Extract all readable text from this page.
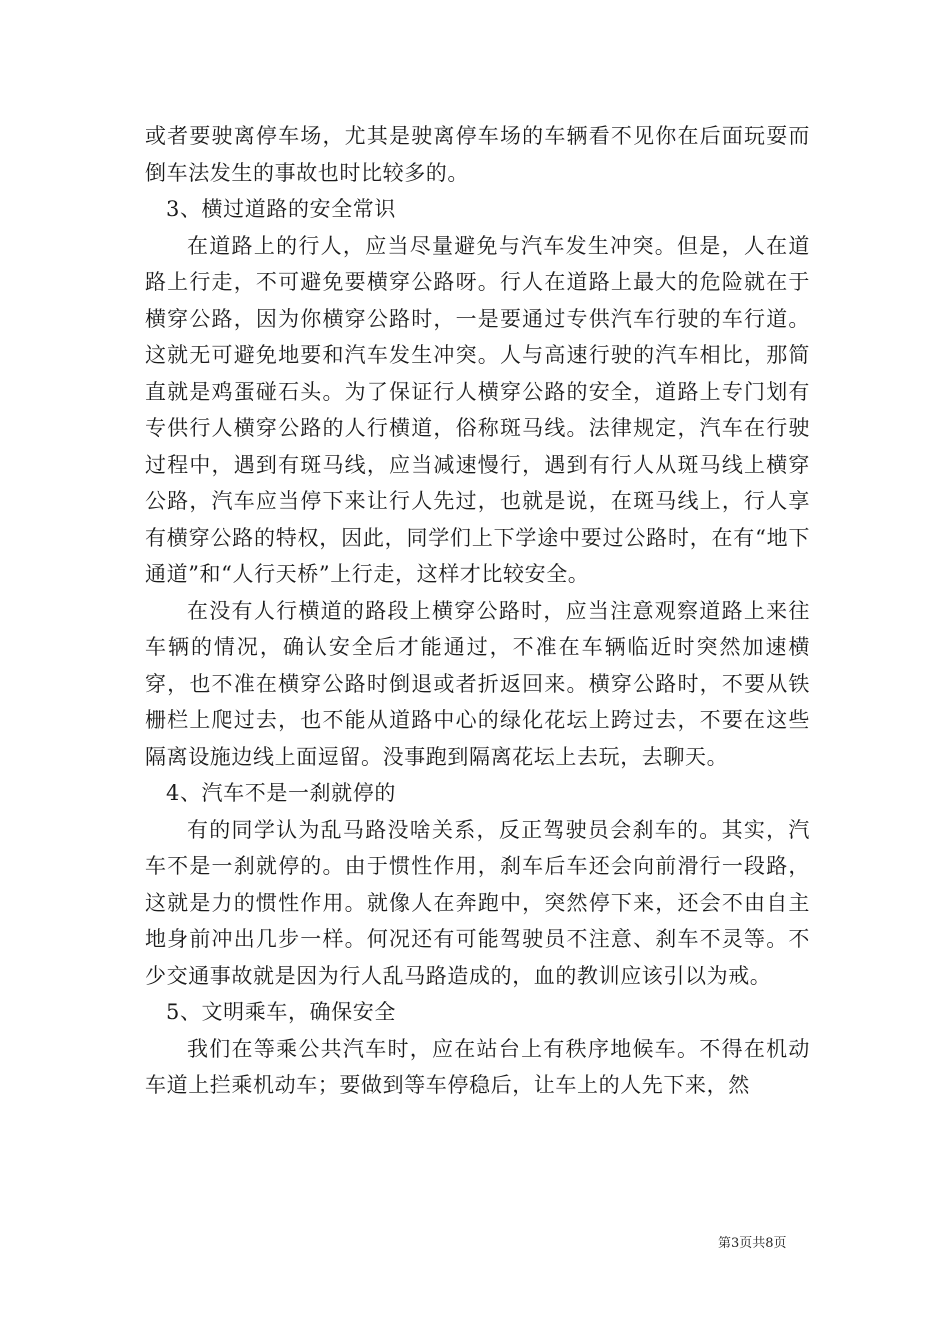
或者要驶离停车场，尤其是驶离停车场的车辆看不见你在后面玩耍而倒车法发生的事故也时比较多的。

3、横过道路的安全常识

在道路上的行人，应当尽量避免与汽车发生冲突。但是，人在道路上行走，不可避免要横穿公路呀。行人在道路上最大的危险就在于横穿公路，因为你横穿公路时，一是要通过专供汽车行驶的车行道。这就无可避免地要和汽车发生冲突。人与高速行驶的汽车相比，那简直就是鸡蛋碰石头。为了保证行人横穿公路的安全，道路上专门划有专供行人横穿公路的人行横道，俗称斑马线。法律规定，汽车在行驶过程中，遇到有斑马线，应当减速慢行，遇到有行人从斑马线上横穿公路，汽车应当停下来让行人先过，也就是说，在斑马线上，行人享有横穿公路的特权，因此，同学们上下学途中要过公路时，在有“地下通道”和“人行天桥”上行走，这样才比较安全。

在没有人行横道的路段上横穿公路时，应当注意观察道路上来往车辆的情况，确认安全后才能通过，不准在车辆临近时突然加速横穿，也不准在横穿公路时倒退或者折返回来。横穿公路时，不要从铁栅栏上爬过去，也不能从道路中心的绿化花坛上跨过去，不要在这些隔离设施边线上面逗留。没事跑到隔离花坛上去玩，去聊天。

4、汽车不是一刹就停的

有的同学认为乱马路没啥关系，反正驾驶员会刹车的。其实，汽车不是一刹就停的。由于惯性作用，刹车后车还会向前滑行一段路，这就是力的惯性作用。就像人在奔跑中，突然停下来，还会不由自主地身前冲出几步一样。何况还有可能驾驶员不注意、刹车不灵等。不少交通事故就是因为行人乱马路造成的，血的教训应该引以为戒。

5、文明乘车，确保安全

我们在等乘公共汽车时，应在站台上有秩序地候车。不得在机动车道上拦乘机动车；要做到等车停稳后，让车上的人先下来，然

第3页共8页
